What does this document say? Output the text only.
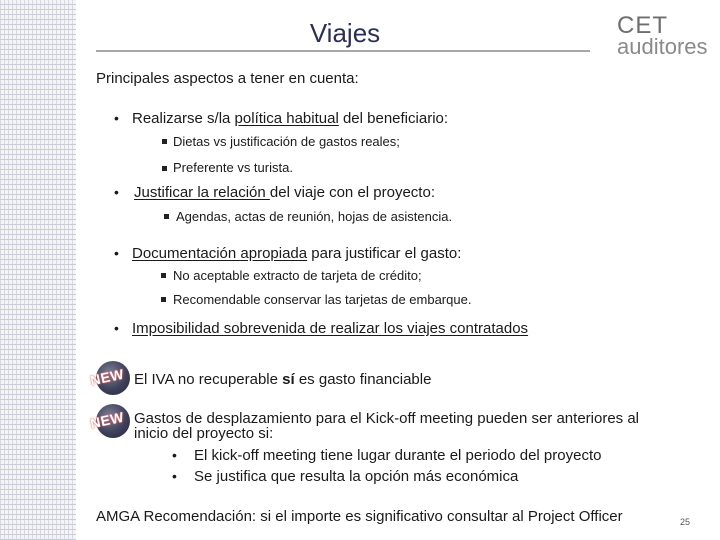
Viajes	CET
auditores
Principales aspectos a tener en cuenta:
• Realizarse s/la política habitual del beneficiario:
Dietas vs justificación de gastos reales;
Preferente vs turista.
• Justificar la relación del viaje con el proyecto:
Agendas, actas de reunión, hojas de asistencia.
• Documentación apropiada para justificar el gasto:
No aceptable extracto de tarjeta de crédito;
Recomendable conservar las tarjetas de embarque.
• Imposibilidad sobrevenida de realizar los viajes contratados
NEW El IVA no recuperable sí es gasto financiable
NEW Gastos de desplazamiento para el Kick-off meeting pueden ser anteriores al
inicio del proyecto si:
• El kick-off meeting tiene lugar durante el periodo del proyecto
• Se justifica que resulta la opción más económica
AMGA Recomendación: si el importe es significativo consultar al Project Officer	25
